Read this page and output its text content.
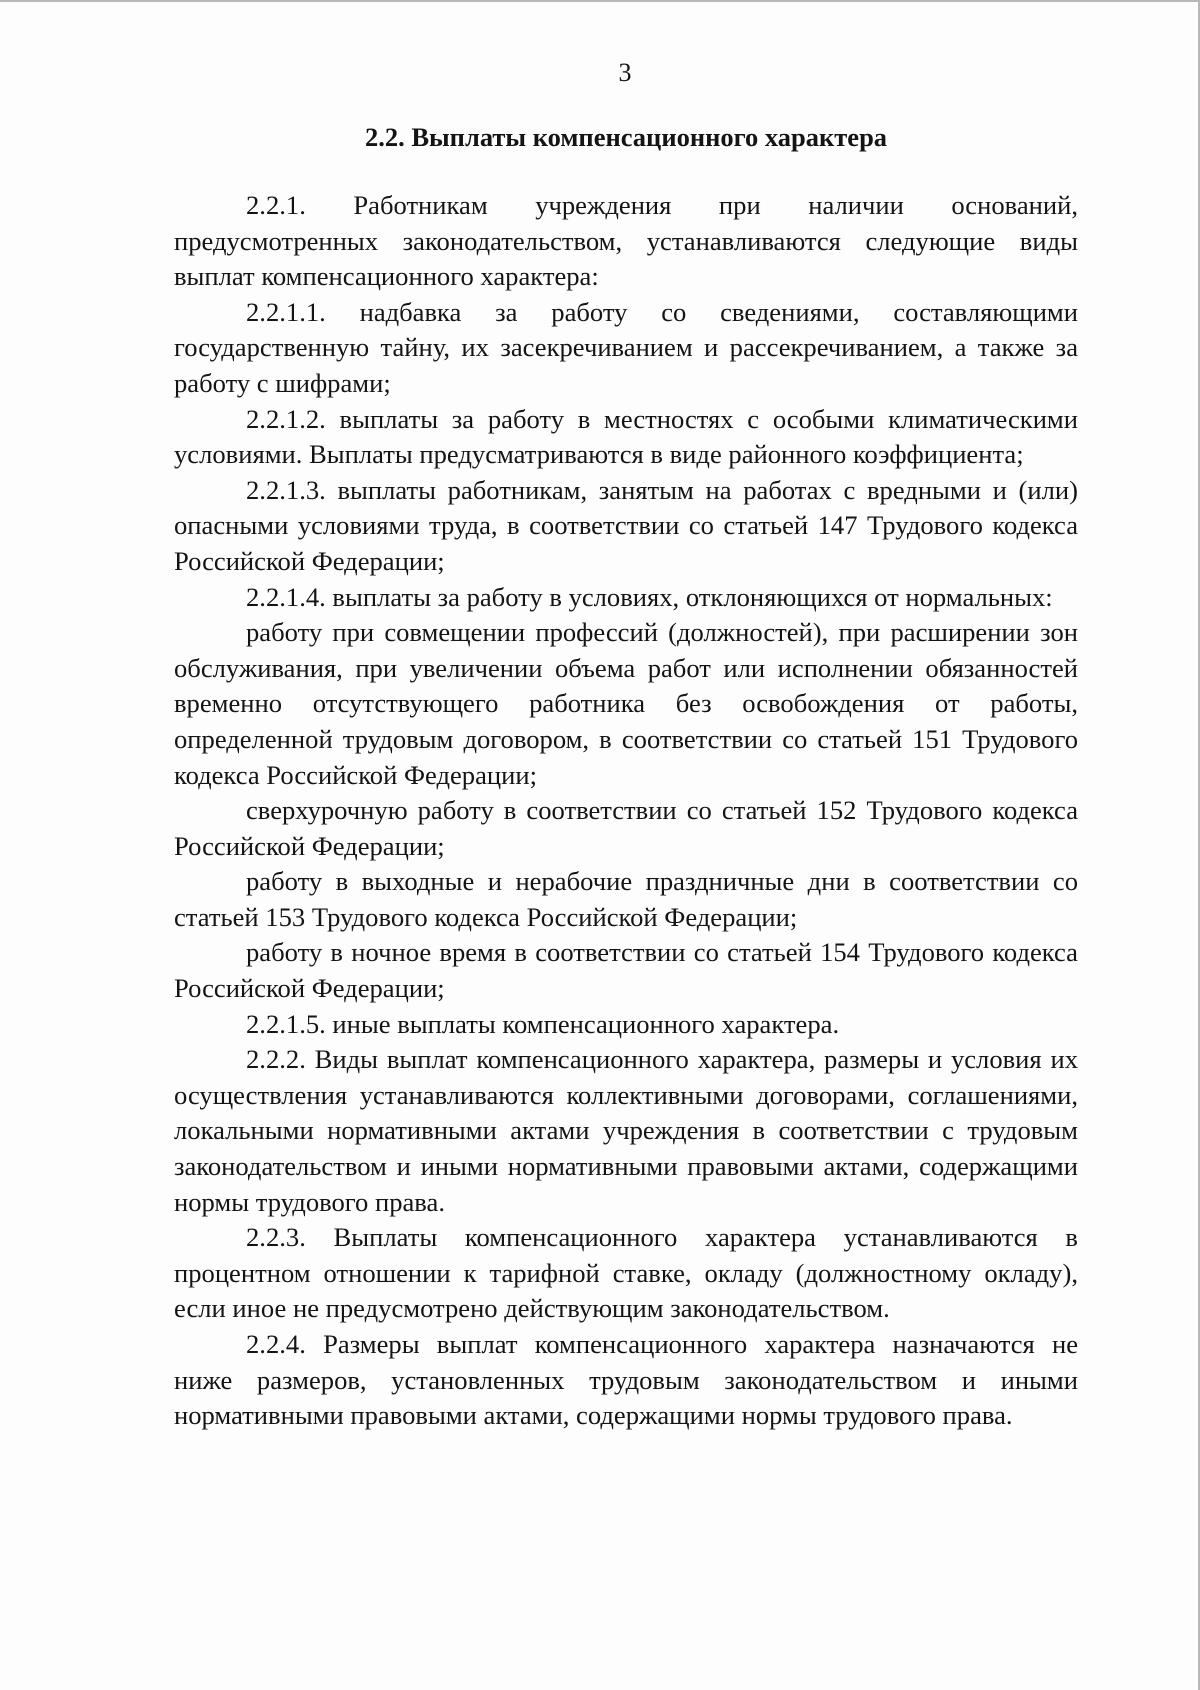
3
2.2. Выплаты компенсационного характера

2.2.1. Работникам учреждения при наличии оснований, предусмотренных законодательством, устанавливаются следующие виды выплат компенсационного характера:

2.2.1.1. надбавка за работу со сведениями, составляющими государственную тайну, их засекречиванием и рассекречиванием, а также за работу с шифрами;

2.2.1.2. выплаты за работу в местностях с особыми климатическими условиями. Выплаты предусматриваются в виде районного коэффициента;

2.2.1.3. выплаты работникам, занятым на работах с вредными и (или) опасными условиями труда, в соответствии со статьей 147 Трудового кодекса Российской Федерации;

2.2.1.4. выплаты за работу в условиях, отклоняющихся от нормальных:

работу при совмещении профессий (должностей), при расширении зон обслуживания, при увеличении объема работ или исполнении обязанностей временно отсутствующего работника без освобождения от работы, определенной трудовым договором, в соответствии со статьей 151 Трудового кодекса Российской Федерации;

сверхурочную работу в соответствии со статьей 152 Трудового кодекса Российской Федерации;

работу в выходные и нерабочие праздничные дни в соответствии со статьей 153 Трудового кодекса Российской Федерации;

работу в ночное время в соответствии со статьей 154 Трудового кодекса Российской Федерации;

2.2.1.5. иные выплаты компенсационного характера.

2.2.2. Виды выплат компенсационного характера, размеры и условия их осуществления устанавливаются коллективными договорами, соглашениями, локальными нормативными актами учреждения в соответствии с трудовым законодательством и иными нормативными правовыми актами, содержащими нормы трудового права.

2.2.3. Выплаты компенсационного характера устанавливаются в процентном отношении к тарифной ставке, окладу (должностному окладу), если иное не предусмотрено действующим законодательством.

2.2.4. Размеры выплат компенсационного характера назначаются не ниже размеров, установленных трудовым законодательством и иными нормативными правовыми актами, содержащими нормы трудового права.
